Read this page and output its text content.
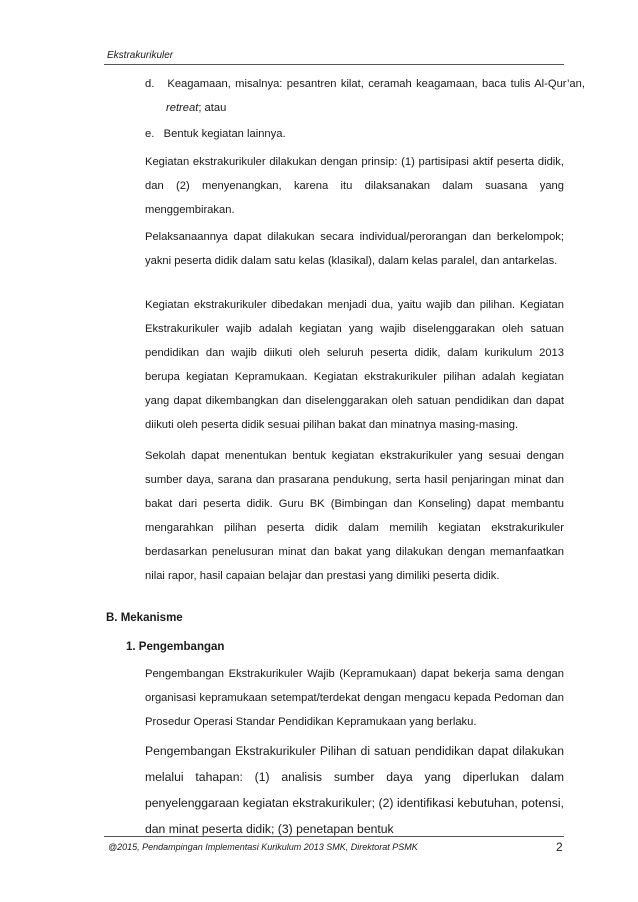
Ekstrakurikuler
d. Keagamaan, misalnya: pesantren kilat, ceramah keagamaan, baca tulis Al-Qur’an, retreat; atau
e. Bentuk kegiatan lainnya.
Kegiatan ekstrakurikuler dilakukan dengan prinsip: (1) partisipasi aktif peserta didik, dan (2) menyenangkan, karena itu dilaksanakan dalam suasana yang menggembirakan.
Pelaksanaannya dapat dilakukan secara individual/perorangan dan berkelompok; yakni peserta didik dalam satu kelas (klasikal), dalam kelas paralel, dan antarkelas.
Kegiatan ekstrakurikuler dibedakan menjadi dua, yaitu wajib dan pilihan. Kegiatan Ekstrakurikuler wajib adalah kegiatan yang wajib diselenggarakan oleh satuan pendidikan dan wajib diikuti oleh seluruh peserta didik, dalam kurikulum 2013 berupa kegiatan Kepramukaan. Kegiatan ekstrakurikuler pilihan adalah kegiatan yang dapat dikembangkan dan diselenggarakan oleh satuan pendidikan dan dapat diikuti oleh peserta didik sesuai pilihan bakat dan minatnya masing-masing.
Sekolah dapat menentukan bentuk kegiatan ekstrakurikuler yang sesuai dengan sumber daya, sarana dan prasarana pendukung, serta hasil penjaringan minat dan bakat dari peserta didik. Guru BK (Bimbingan dan Konseling) dapat membantu mengarahkan pilihan peserta didik dalam memilih kegiatan ekstrakurikuler berdasarkan penelusuran minat dan bakat yang dilakukan dengan memanfaatkan nilai rapor, hasil capaian belajar dan prestasi yang dimiliki peserta didik.
B. Mekanisme
1. Pengembangan
Pengembangan Ekstrakurikuler Wajib (Kepramukaan) dapat bekerja sama dengan organisasi kepramukaan setempat/terdekat dengan mengacu kepada Pedoman dan Prosedur Operasi Standar Pendidikan Kepramukaan yang berlaku.
Pengembangan Ekstrakurikuler Pilihan di satuan pendidikan dapat dilakukan melalui tahapan: (1) analisis sumber daya yang diperlukan dalam penyelenggaraan kegiatan ekstrakurikuler; (2) identifikasi kebutuhan, potensi, dan minat peserta didik; (3) penetapan bentuk
@2015, Pendampingan Implementasi Kurikulum 2013 SMK, Direktorat PSMK	2
